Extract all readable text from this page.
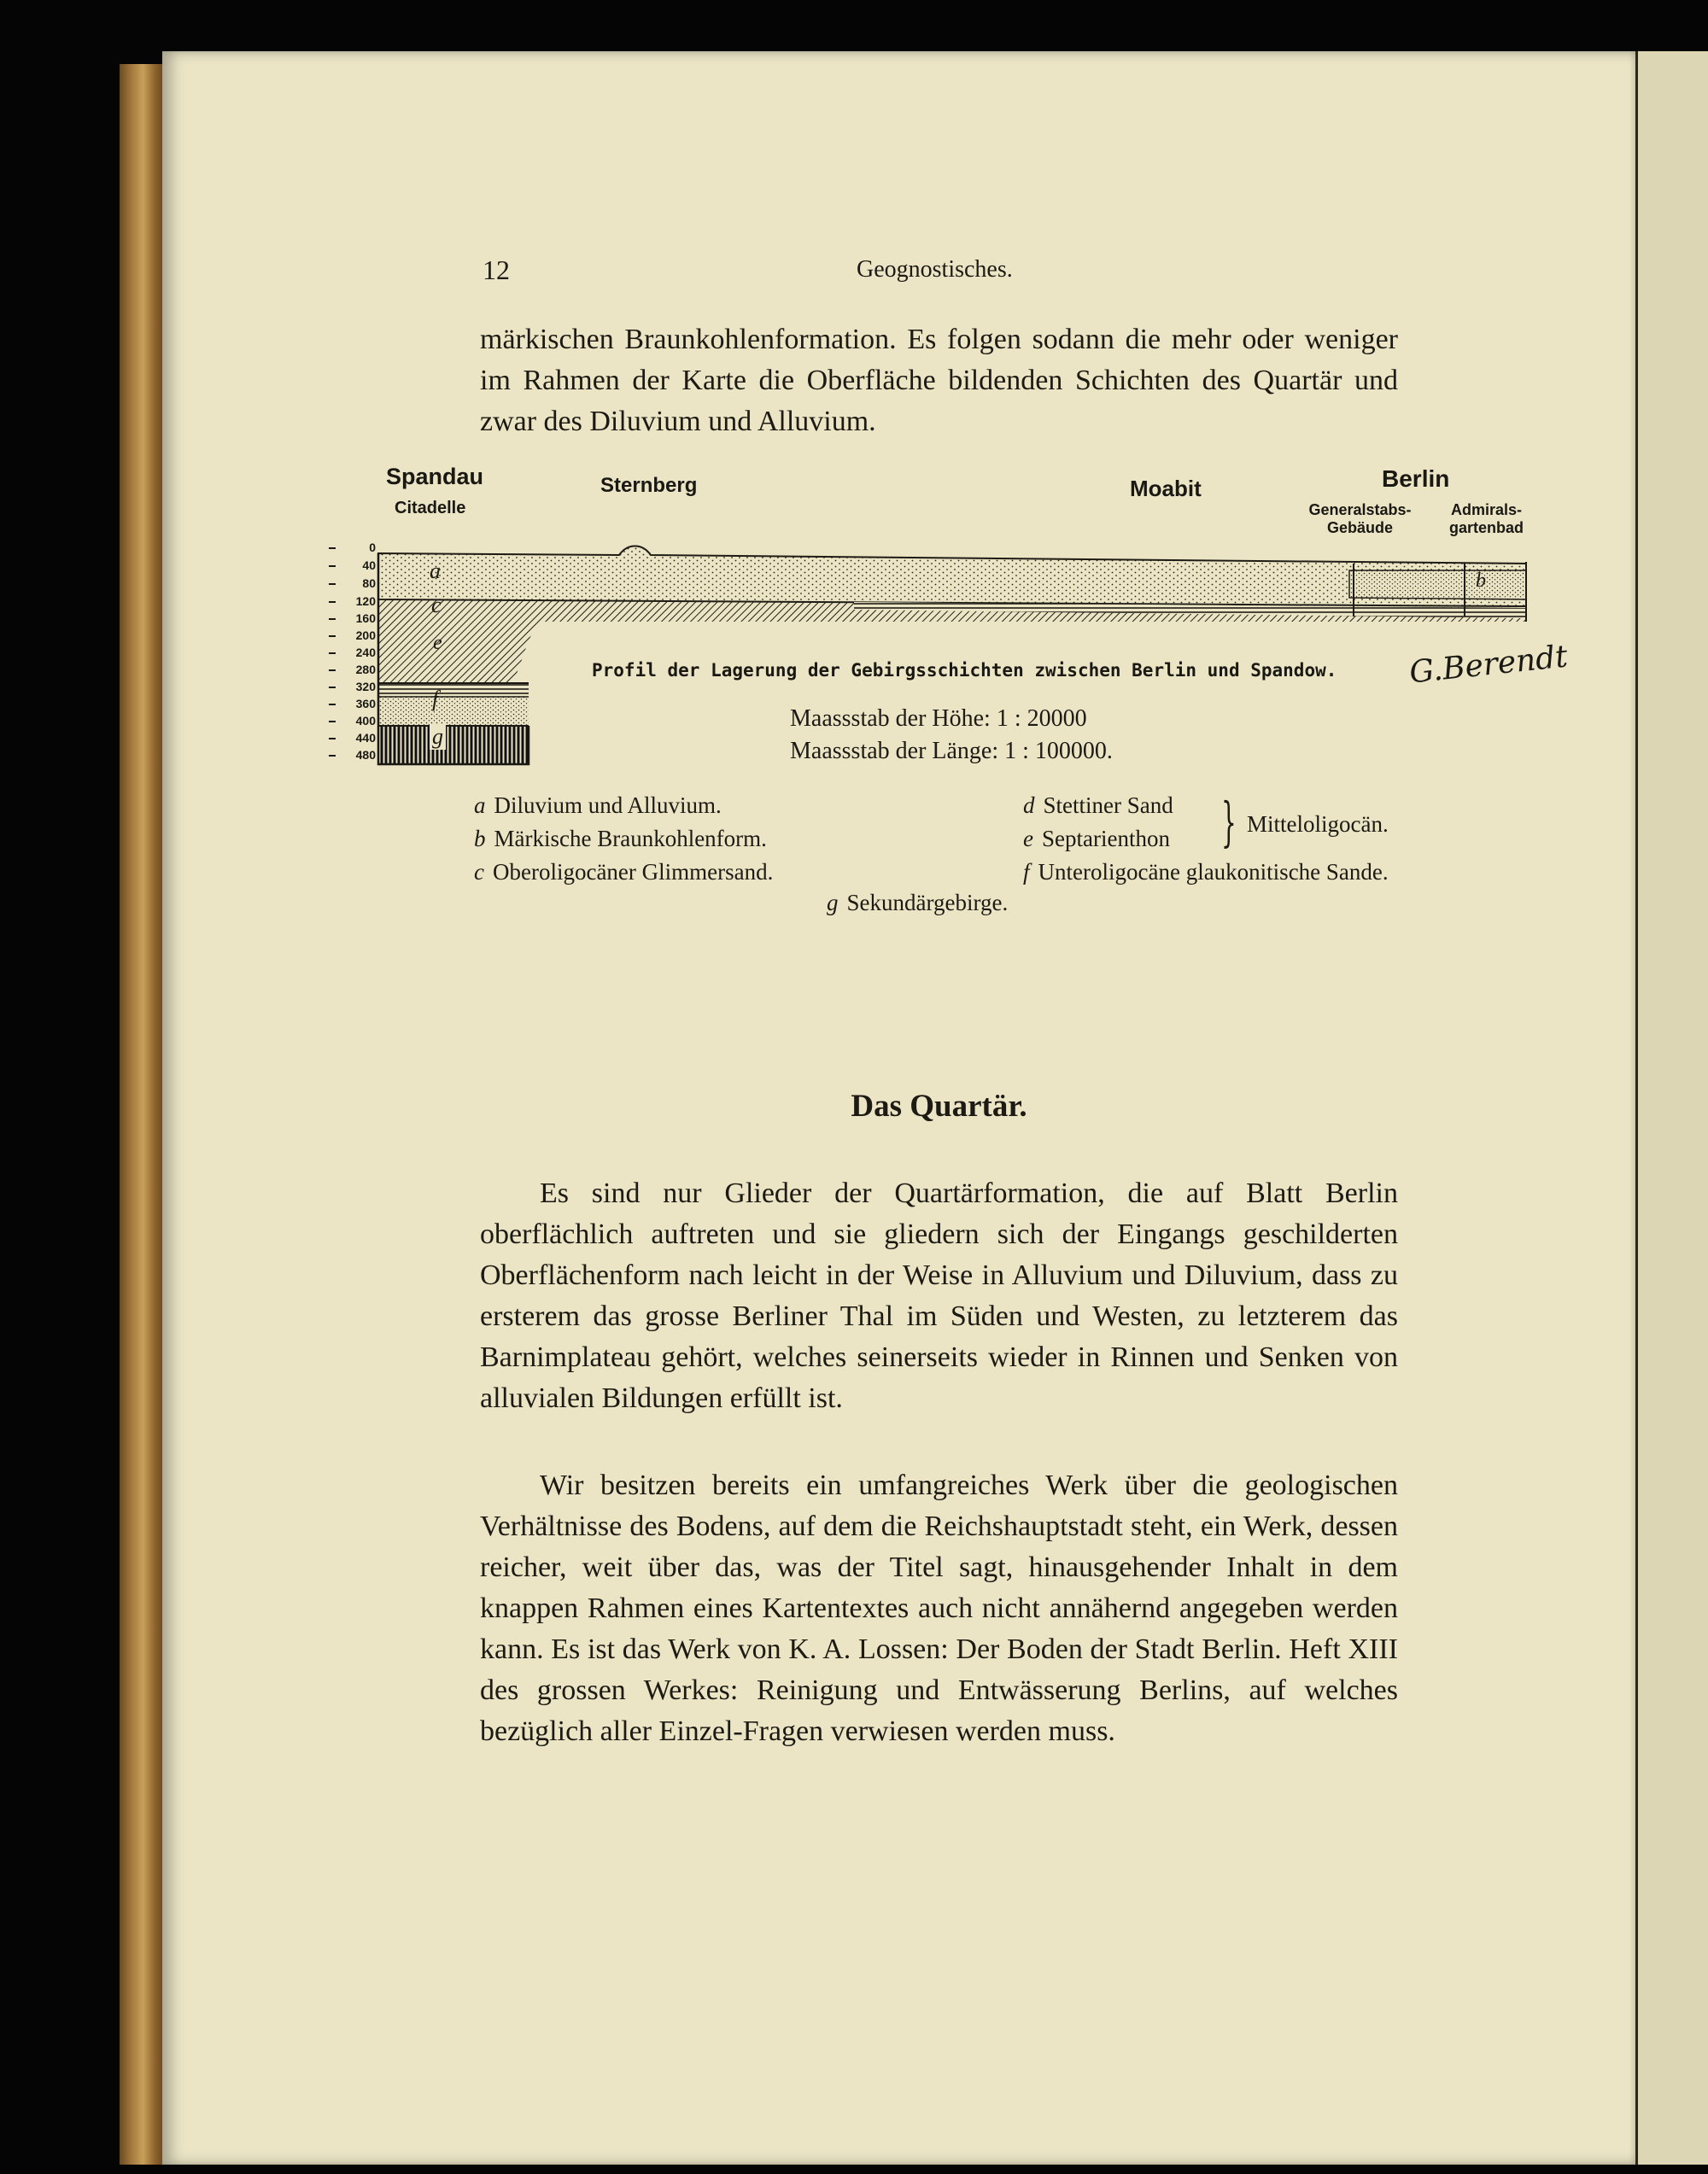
12	Geognostisches.

märkischen Braunkohlenformation. Es folgen sodann die mehr oder weniger im Rahmen der Karte die Oberfläche bildenden Schichten des Quartär und zwar des Diluvium und Alluvium.

Spandau
Citadelle
Sternberg	Moabit	Berlin
Generalstabs-
Gebäude
Admirals-
gartenbad
0
40
80
120
160
200
240
280
320
360
400
440
480
a
c
e
f
g
b
Profil der Lagerung der Gebirgsschichten zwischen Berlin und Spandow. G.Berendt
Maassstab der Höhe: 1 : 20000
Maassstab der Länge: 1 : 100000.
a Diluvium und Alluvium.
b Märkische Braunkohlenform.
c Oberoligocäner Glimmersand.
d Stettiner Sand
e Septarienthon } Mitteloligocän.
f Unteroligocäne glaukonitische Sande.
g Sekundärgebirge.
Das Quartär.

Es sind nur Glieder der Quartärformation, die auf Blatt Berlin oberflächlich auftreten und sie gliedern sich der Eingangs geschilderten Oberflächenform nach leicht in der Weise in Alluvium und Diluvium, dass zu ersterem das grosse Berliner Thal im Süden und Westen, zu letzterem das Barnimplateau gehört, welches seinerseits wieder in Rinnen und Senken von alluvialen Bildungen erfüllt ist.

Wir besitzen bereits ein umfangreiches Werk über die geologischen Verhältnisse des Bodens, auf dem die Reichshauptstadt steht, ein Werk, dessen reicher, weit über das, was der Titel sagt, hinausgehender Inhalt in dem knappen Rahmen eines Kartentextes auch nicht annähernd angegeben werden kann. Es ist das Werk von K. A. Lossen: Der Boden der Stadt Berlin. Heft XIII des grossen Werkes: Reinigung und Entwässerung Berlins, auf welches bezüglich aller Einzel-Fragen verwiesen werden muss.
